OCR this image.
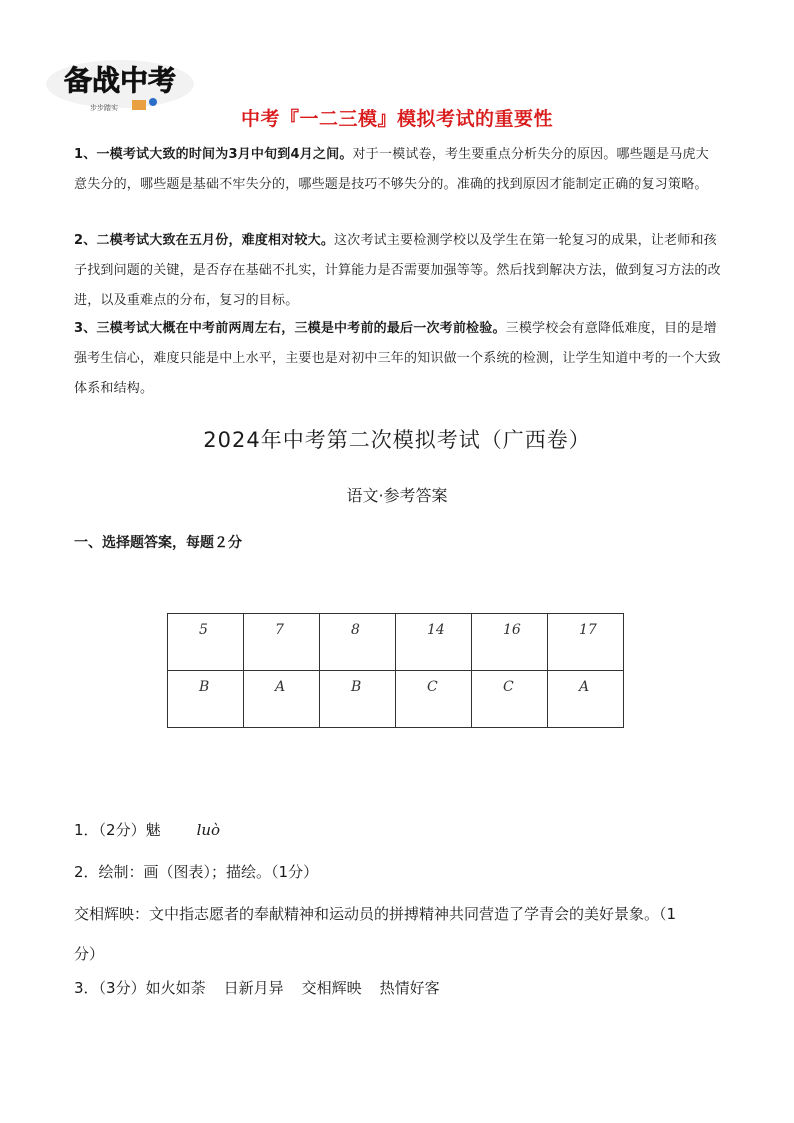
备战中考
步步踏实	中考『一二三模』模拟考试的重要性
1、一模考试大致的时间为3月中旬到4月之间。对于一模试卷，考生要重点分析失分的原因。哪些题是马虎大意失分的，哪些题是基础不牢失分的，哪些题是技巧不够失分的。准确的找到原因才能制定正确的复习策略。
2、二模考试大致在五月份，难度相对较大。这次考试主要检测学校以及学生在第一轮复习的成果，让老师和孩子找到问题的关键，是否存在基础不扎实，计算能力是否需要加强等等。然后找到解决方法，做到复习方法的改进，以及重难点的分布，复习的目标。
3、三模考试大概在中考前两周左右，三模是中考前的最后一次考前检验。三模学校会有意降低难度，目的是增强考生信心，难度只能是中上水平，主要也是对初中三年的知识做一个系统的检测，让学生知道中考的一个大致体系和结构。
2024年中考第二次模拟考试（广西卷）
语文·参考答案
一、选择题答案，每题２分
5	7	8	14	16	17
B	A	B	C	C	A
1．（2分）魅 luò
2．绘制：画（图表）；描绘。（1分）
交相辉映：文中指志愿者的奉献精神和运动员的拼搏精神共同营造了学青会的美好景象。（1
分）
3．（3分）如火如荼 日新月异 交相辉映 热情好客
